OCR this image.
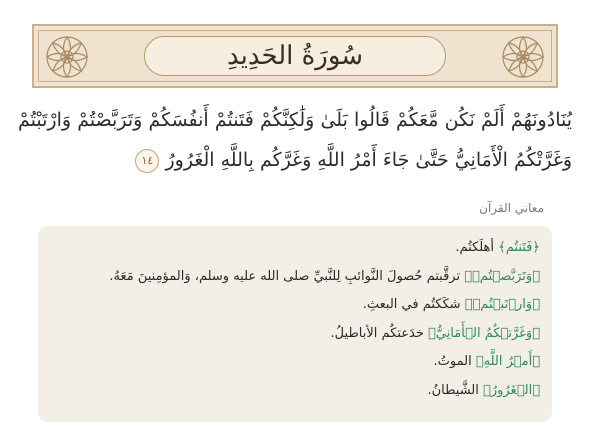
سُورَةُ الحَدِيدِ
يُنَادُونَهُمْ أَلَمْ نَكُن مَّعَكُمْ قَالُوا بَلَىٰ وَلَٰكِنَّكُمْ فَتَنتُمْ أَنفُسَكُمْ وَتَرَبَّصْتُمْ وَارْتَبْتُمْ وَغَرَّتْكُمُ الْأَمَانِيُّ حَتَّىٰ جَاءَ أَمْرُ اللَّهِ وَغَرَّكُم بِاللَّهِ الْغَرُورُ ١٤
معاني القرآن
﴿فَتَنتُم﴾ أهلَكتُم.
﴿وَتَرَبَّصۡتُمۡ﴾ ترقَّبتم حُصولَ النَّوائبِ لِلنَّبيِّ صلى الله عليه وسلم، وَالمؤمِنينَ مَعَهُ.
﴿وَارۡتَبۡتُمۡ﴾ شكَكتُم في البعثِ.
﴿وَغَرَّتۡكُمُ الۡأَمَانِيُّ﴾ خدَعتكُم الأباطيلُ.
﴿أَمۡرُ اللَّهِ﴾ الموتُ.
﴿الۡغَرُورُ﴾ الشَّيطانُ.
